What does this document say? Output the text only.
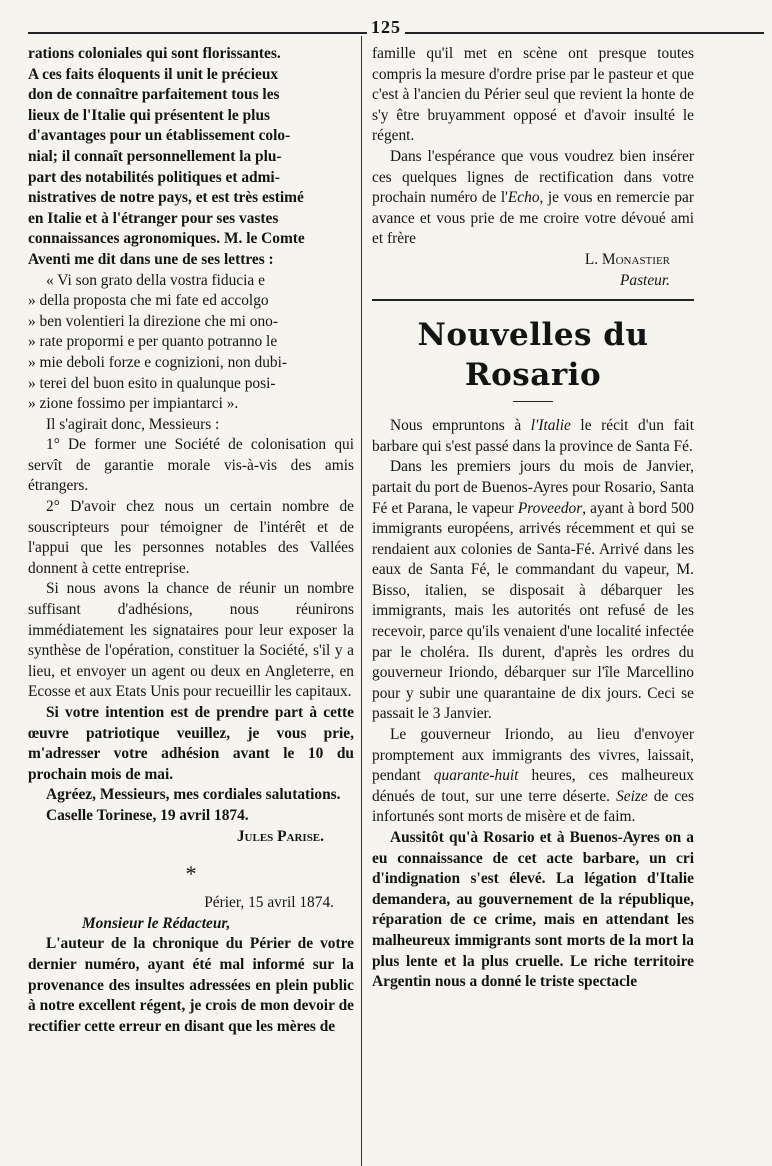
125
rations coloniales qui sont florissantes.
A ces faits éloquents il unit le précieux
don de connaître parfaitement tous les
lieux de l'Italie qui présentent le plus
d'avantages pour un établissement colo-
nial; il connaît personnellement la plu-
part des notabilités politiques et admi-
nistratives de notre pays, et est très estimé
en Italie et à l'étranger pour ses vastes
connaissances agronomiques. M. le Comte
Aventi me dit dans une de ses lettres :
« Vi son grato della vostra fiducia e
» della proposta che mi fate ed accolgo
» ben volentieri la direzione che mi ono-
» rate propormi e per quanto potranno le
» mie deboli forze e cognizioni, non dubi-
» terei del buon esito in qualunque posi-
» zione fossimo per impiantarci ».

Il s'agirait donc, Messieurs :

1° De former une Société de colonisation qui servît de garantie morale vis-à-vis des amis étrangers.

2° D'avoir chez nous un certain nombre de souscripteurs pour témoigner de l'intérêt et de l'appui que les personnes notables des Vallées donnent à cette entreprise.

Si nous avons la chance de réunir un nombre suffisant d'adhésions, nous réunirons immédiatement les signataires pour leur exposer la synthèse de l'opération, constituer la Société, s'il y a lieu, et envoyer un agent ou deux en Angleterre, en Ecosse et aux Etats Unis pour recueillir les capitaux.

Si votre intention est de prendre part à cette œuvre patriotique veuillez, je vous prie, m'adresser votre adhésion avant le 10 du prochain mois de mai.

Agréez, Messieurs, mes cordiales salutations.

Caselle Torinese, 19 avril 1874.

Jules Parise.

*

Périer, 15 avril 1874.

Monsieur le Rédacteur,

L'auteur de la chronique du Périer de votre dernier numéro, ayant été mal informé sur la provenance des insultes adressées en plein public à notre excellent régent, je crois de mon devoir de rectifier cette erreur en disant que les mères de

famille qu'il met en scène ont presque toutes compris la mesure d'ordre prise par le pasteur et que c'est à l'ancien du Périer seul que revient la honte de s'y être bruyamment opposé et d'avoir insulté le régent.

Dans l'espérance que vous voudrez bien insérer ces quelques lignes de rectification dans votre prochain numéro de l'Echo, je vous en remercie par avance et vous prie de me croire votre dévoué ami et frère

L. Monastier

Pasteur.

Nouvelles du Rosario

Nous empruntons à l'Italie le récit d'un fait barbare qui s'est passé dans la province de Santa Fé.

Dans les premiers jours du mois de Janvier, partait du port de Buenos-Ayres pour Rosario, Santa Fé et Parana, le vapeur Proveedor, ayant à bord 500 immigrants européens, arrivés récemment et qui se rendaient aux colonies de Santa-Fé. Arrivé dans les eaux de Santa Fé, le commandant du vapeur, M. Bisso, italien, se disposait à débarquer les immigrants, mais les autorités ont refusé de les recevoir, parce qu'ils venaient d'une localité infectée par le choléra. Ils durent, d'après les ordres du gouverneur Iriondo, débarquer sur l'île Marcellino pour y subir une quarantaine de dix jours. Ceci se passait le 3 Janvier.

Le gouverneur Iriondo, au lieu d'envoyer promptement aux immigrants des vivres, laissait, pendant quarante-huit heures, ces malheureux dénués de tout, sur une terre déserte. Seize de ces infortunés sont morts de misère et de faim.

Aussitôt qu'à Rosario et à Buenos-Ayres on a eu connaissance de cet acte barbare, un cri d'indignation s'est élevé. La légation d'Italie demandera, au gouvernement de la république, réparation de ce crime, mais en attendant les malheureux immigrants sont morts de la mort la plus lente et la plus cruelle. Le riche territoire Argentin nous a donné le triste spectacle
